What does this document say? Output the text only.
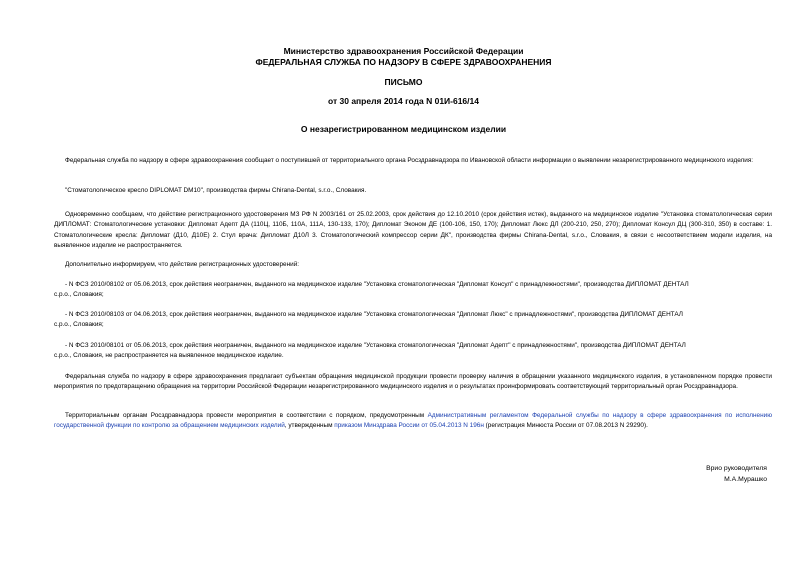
Министерство здравоохранения Российской Федерации
ФЕДЕРАЛЬНАЯ СЛУЖБА ПО НАДЗОРУ В СФЕРЕ ЗДРАВООХРАНЕНИЯ
ПИСЬМО
от 30 апреля 2014 года N 01И-616/14
О незарегистрированном медицинском изделии
Федеральная служба по надзору в сфере здравоохранения сообщает о поступившей от территориального органа Росздравнадзора по Ивановской области информации о выявлении незарегистрированного медицинского изделия:
"Стоматологическое кресло DIPLOMAT DM10", производства фирмы Chirana-Dental, s.r.o., Словакия.
Одновременно сообщаем, что действие регистрационного удостоверения МЗ РФ N 2003/161 от 25.02.2003, срок действия до 12.10.2010 (срок действия истек), выданного на медицинское изделие "Установка стоматологическая серии ДИПЛОМАТ: Стоматологические установки: Дипломат Адепт ДА (110Ц, 110Б, 110А, 111А, 130-133, 170); Дипломат Эконом ДЕ (100-106, 150, 170); Дипломат Люкс ДЛ (200-210, 250, 270); Дипломат Консул ДЦ (300-310, 350) в составе: 1. Стоматологические кресла: Дипломат (Д10, Д10Е) 2. Стул врача: Дипломат Д10Л 3. Стоматологический компрессор серии ДК", производства фирмы Chirana-Dental, s.r.o., Словакия, в связи с несоответствием модели изделия, на выявленное изделие не распространяется.
Дополнительно информируем, что действие регистрационных удостоверений:
- N ФСЗ 2010/08102 от 05.06.2013, срок действия неограничен, выданного на медицинское изделие "Установка стоматологическая "Дипломат Консул" с принадлежностями", производства ДИПЛОМАТ ДЕНТАЛ
с.р.о., Словакия;
- N ФСЗ 2010/08103 от 04.06.2013, срок действия неограничен, выданного на медицинское изделие "Установка стоматологическая "Дипломат Люкс" с принадлежностями", производства ДИПЛОМАТ ДЕНТАЛ
с.р.о., Словакия;
- N ФСЗ 2010/08101 от 05.06.2013, срок действия неограничен, выданного на медицинское изделие "Установка стоматологическая "Дипломат Адепт" с принадлежностями", производства ДИПЛОМАТ ДЕНТАЛ
с.р.о., Словакия, не распространяется на выявленное медицинское изделие.
Федеральная служба по надзору в сфере здравоохранения предлагает субъектам обращения медицинской продукции провести проверку наличия в обращении указанного медицинского изделия, в установленном порядке провести мероприятия по предотвращению обращения на территории Российской Федерации незарегистрированного медицинского изделия и о результатах проинформировать соответствующий территориальный орган Росздравнадзора.
Территориальным органам Росздравнадзора провести мероприятия в соответствии с порядком, предусмотренным Административным регламентом Федеральной службы по надзору в сфере здравоохранения по исполнению государственной функции по контролю за обращением медицинских изделий, утвержденным приказом Минздрава России от 05.04.2013 N 196н (регистрация Минюста России от 07.08.2013 N 29290).
Врио руководителя
М.А.Мурашко
